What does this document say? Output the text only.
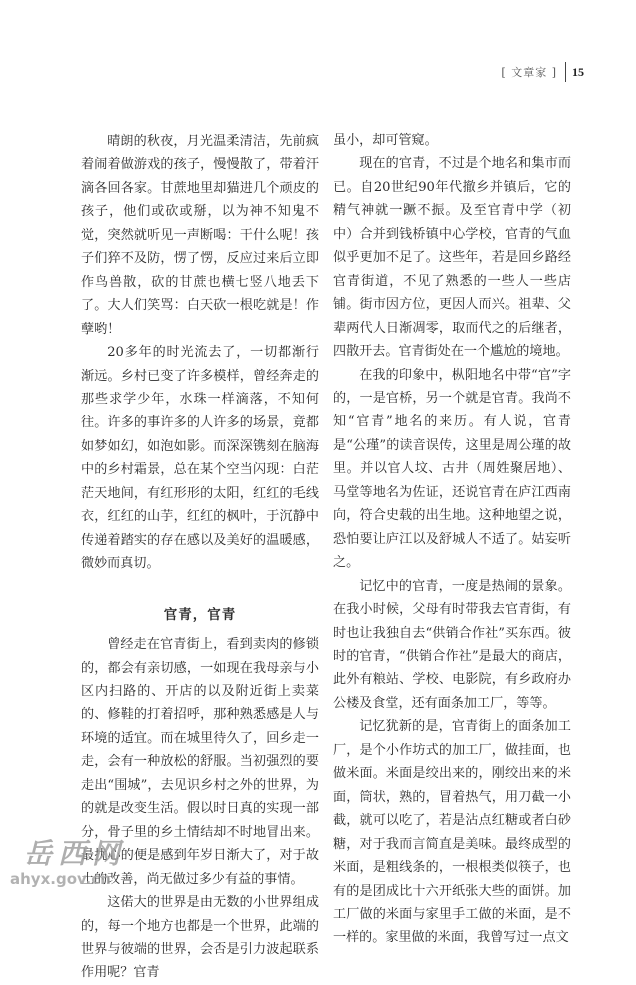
[ 文章家 ] 15

晴朗的秋夜，月光温柔清洁，先前疯着闹着做游戏的孩子，慢慢散了，带着汗滴各回各家。甘蔗地里却猫进几个顽皮的孩子，他们或砍或掰，以为神不知鬼不觉，突然就听见一声断喝：干什么呢！孩子们猝不及防，愣了愣，反应过来后立即作鸟兽散，砍的甘蔗也横七竖八地丢下了。大人们笑骂：白天砍一根吃就是！作孽哟！

20多年的时光流去了，一切都渐行渐远。乡村已变了许多模样，曾经奔走的那些求学少年，水珠一样滴落，不知何往。许多的事许多的人许多的场景，竟都如梦如幻，如泡如影。而深深镌刻在脑海中的乡村霜景，总在某个空当闪现：白茫茫天地间，有红形形的太阳，红红的毛线衣，红红的山芋，红红的枫叶，于沉静中传递着踏实的存在感以及美好的温暖感，微妙而真切。

官青，官青

曾经走在官青街上，看到卖肉的修锁的，都会有亲切感，一如现在我母亲与小区内扫路的、开店的以及附近街上卖菜的、修鞋的打着招呼，那种熟悉感是人与环境的适宜。而在城里待久了，回乡走一走，会有一种放松的舒服。当初强烈的要走出“围城”，去见识乡村之外的世界，为的就是改变生活。假以时日真的实现一部分，骨子里的乡土情结却不时地冒出来。最扰心的便是感到年岁日渐大了，对于故土的改善，尚无做过多少有益的事情。

这偌大的世界是由无数的小世界组成的，每一个地方也都是一个世界，此端的世界与彼端的世界，会否是引力波起联系作用呢？官青

虽小，却可管窥。

现在的官青，不过是个地名和集市而已。自20世纪90年代撤乡并镇后，它的精气神就一蹶不振。及至官青中学（初中）合并到钱桥镇中心学校，官青的气血似乎更加不足了。这些年，若是回乡路经官青街道，不见了熟悉的一些人一些店铺。街市因方位，更因人而兴。祖辈、父辈两代人日渐凋零，取而代之的后继者，四散开去。官青街处在一个尴尬的境地。

在我的印象中，枞阳地名中带“官”字的，一是官桥，另一个就是官青。我尚不知“官青”地名的来历。有人说，官青是“公瑾”的读音误传，这里是周公瑾的故里。并以官人坟、古井（周姓聚居地）、马堂等地名为佐证，还说官青在庐江西南向，符合史载的出生地。这种地望之说，恐怕要让庐江以及舒城人不适了。姑妄听之。

记忆中的官青，一度是热闹的景象。在我小时候，父母有时带我去官青街，有时也让我独自去“供销合作社”买东西。彼时的官青，“供销合作社”是最大的商店，此外有粮站、学校、电影院，有乡政府办公楼及食堂，还有面条加工厂，等等。

记忆犹新的是，官青街上的面条加工厂，是个小作坊式的加工厂，做挂面，也做米面。米面是绞出来的，刚绞出来的米面，筒状，熟的，冒着热气，用刀截一小截，就可以吃了，若是沾点红糖或者白砂糖，对于我而言简直是美味。最终成型的米面，是粗线条的，一根根类似筷子，也有的是团成比十六开纸张大些的面饼。加工厂做的米面与家里手工做的米面，是不一样的。家里做的米面，我曾写过一点文

岳西网
ahyx.gov.cn
